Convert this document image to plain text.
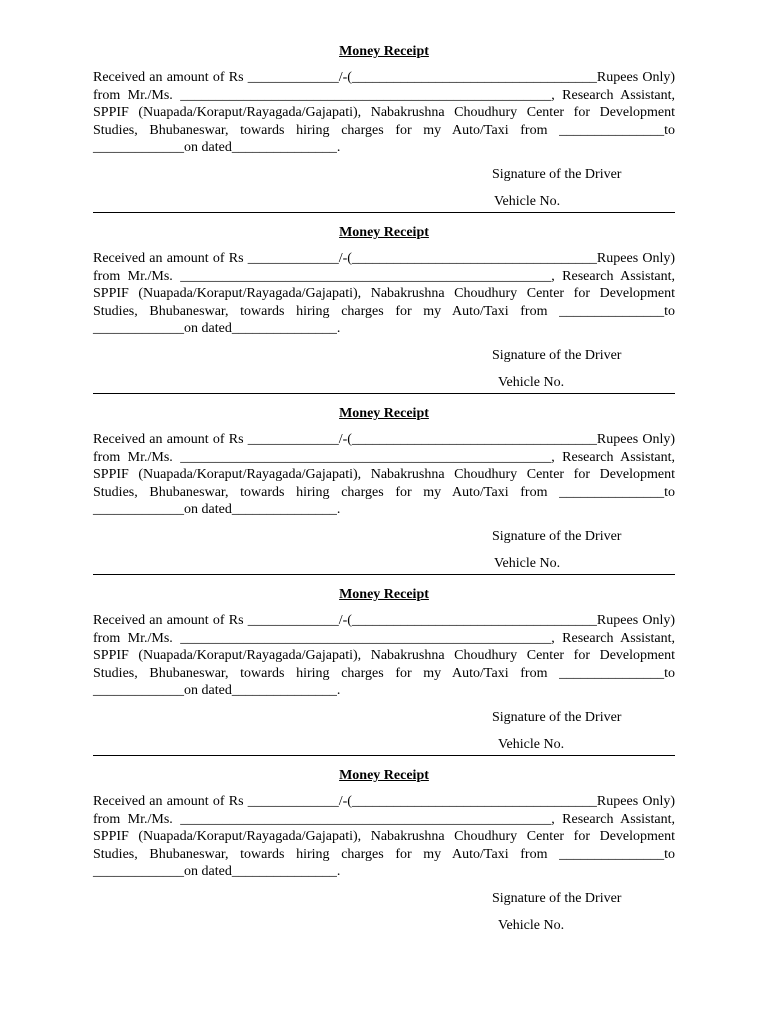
Money Receipt
Received an amount of Rs _____________/-(___________________________________Rupees Only)
from Mr./Ms. _____________________________________________________, Research Assistant,
SPPIF (Nuapada/Koraput/Rayagada/Gajapati), Nabakrushna Choudhury Center for Development
Studies, Bhubaneswar, towards hiring charges for my Auto/Taxi from _______________to
_____________on dated_______________.
Signature of the Driver
Vehicle No.
Money Receipt
Received an amount of Rs _____________/-(___________________________________Rupees Only)
from Mr./Ms. _____________________________________________________, Research Assistant,
SPPIF (Nuapada/Koraput/Rayagada/Gajapati), Nabakrushna Choudhury Center for Development
Studies, Bhubaneswar, towards hiring charges for my Auto/Taxi from _______________to
_____________on dated_______________.
Signature of the Driver
Vehicle No.
Money Receipt
Received an amount of Rs _____________/-(___________________________________Rupees Only)
from Mr./Ms. _____________________________________________________, Research Assistant,
SPPIF (Nuapada/Koraput/Rayagada/Gajapati), Nabakrushna Choudhury Center for Development
Studies, Bhubaneswar, towards hiring charges for my Auto/Taxi from _______________to
_____________on dated_______________.
Signature of the Driver
Vehicle No.
Money Receipt
Received an amount of Rs _____________/-(___________________________________Rupees Only)
from Mr./Ms. _____________________________________________________, Research Assistant,
SPPIF (Nuapada/Koraput/Rayagada/Gajapati), Nabakrushna Choudhury Center for Development
Studies, Bhubaneswar, towards hiring charges for my Auto/Taxi from _______________to
_____________on dated_______________.
Signature of the Driver
Vehicle No.
Money Receipt
Received an amount of Rs _____________/-(___________________________________Rupees Only)
from Mr./Ms. _____________________________________________________, Research Assistant,
SPPIF (Nuapada/Koraput/Rayagada/Gajapati), Nabakrushna Choudhury Center for Development
Studies, Bhubaneswar, towards hiring charges for my Auto/Taxi from _______________to
_____________on dated_______________.
Signature of the Driver
Vehicle No.
